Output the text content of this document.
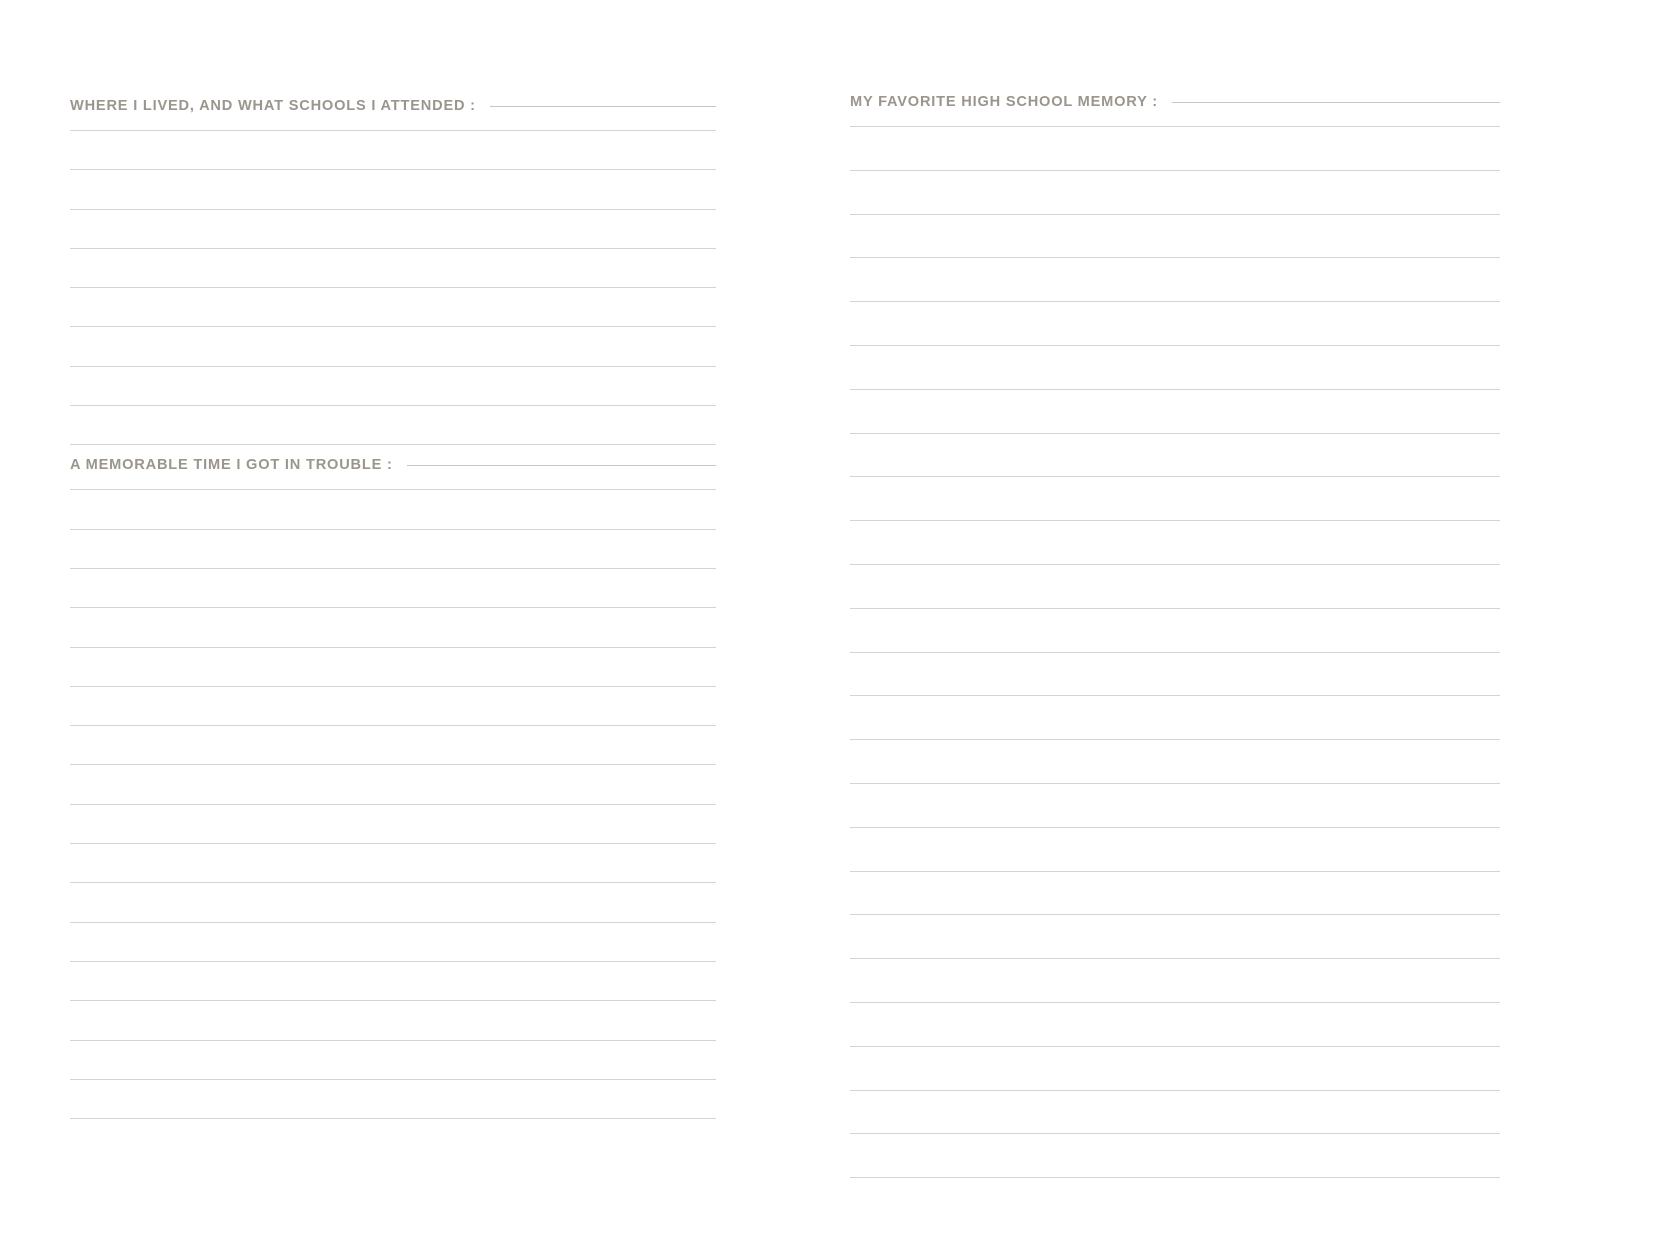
WHERE I LIVED, AND WHAT SCHOOLS I ATTENDED :
A MEMORABLE TIME I GOT IN TROUBLE :
MY FAVORITE HIGH SCHOOL MEMORY :
